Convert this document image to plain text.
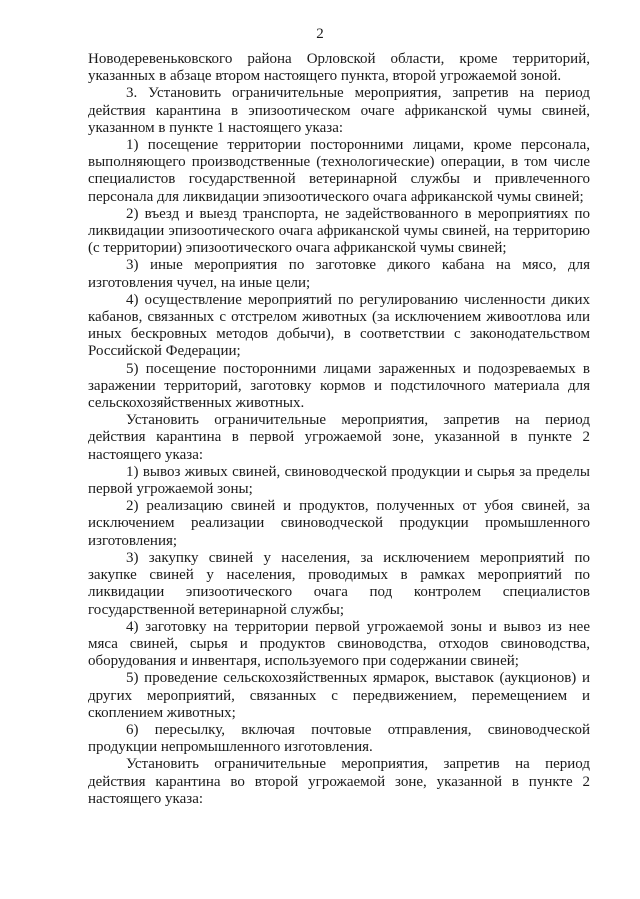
2

Новодеревеньковского района Орловской области, кроме территорий, указанных в абзаце втором настоящего пункта, второй угрожаемой зоной.

3. Установить ограничительные мероприятия, запретив на период действия карантина в эпизоотическом очаге африканской чумы свиней, указанном в пункте 1 настоящего указа:

1) посещение территории посторонними лицами, кроме персонала, выполняющего производственные (технологические) операции, в том числе специалистов государственной ветеринарной службы и привлеченного персонала для ликвидации эпизоотического очага африканской чумы свиней;

2) въезд и выезд транспорта, не задействованного в мероприятиях по ликвидации эпизоотического очага африканской чумы свиней, на территорию (с территории) эпизоотического очага африканской чумы свиней;

3) иные мероприятия по заготовке дикого кабана на мясо, для изготовления чучел, на иные цели;

4) осуществление мероприятий по регулированию численности диких кабанов, связанных с отстрелом животных (за исключением живоотлова или иных бескровных методов добычи), в соответствии с законодательством Российской Федерации;

5) посещение посторонними лицами зараженных и подозреваемых в заражении территорий, заготовку кормов и подстилочного материала для сельскохозяйственных животных.

Установить ограничительные мероприятия, запретив на период действия карантина в первой угрожаемой зоне, указанной в пункте 2 настоящего указа:

1) вывоз живых свиней, свиноводческой продукции и сырья за пределы первой угрожаемой зоны;

2) реализацию свиней и продуктов, полученных от убоя свиней, за исключением реализации свиноводческой продукции промышленного изготовления;

3) закупку свиней у населения, за исключением мероприятий по закупке свиней у населения, проводимых в рамках мероприятий по ликвидации эпизоотического очага под контролем специалистов государственной ветеринарной службы;

4) заготовку на территории первой угрожаемой зоны и вывоз из нее мяса свиней, сырья и продуктов свиноводства, отходов свиноводства, оборудования и инвентаря, используемого при содержании свиней;

5) проведение сельскохозяйственных ярмарок, выставок (аукционов) и других мероприятий, связанных с передвижением, перемещением и скоплением животных;

6) пересылку, включая почтовые отправления, свиноводческой продукции непромышленного изготовления.

Установить ограничительные мероприятия, запретив на период действия карантина во второй угрожаемой зоне, указанной в пункте 2 настоящего указа:
